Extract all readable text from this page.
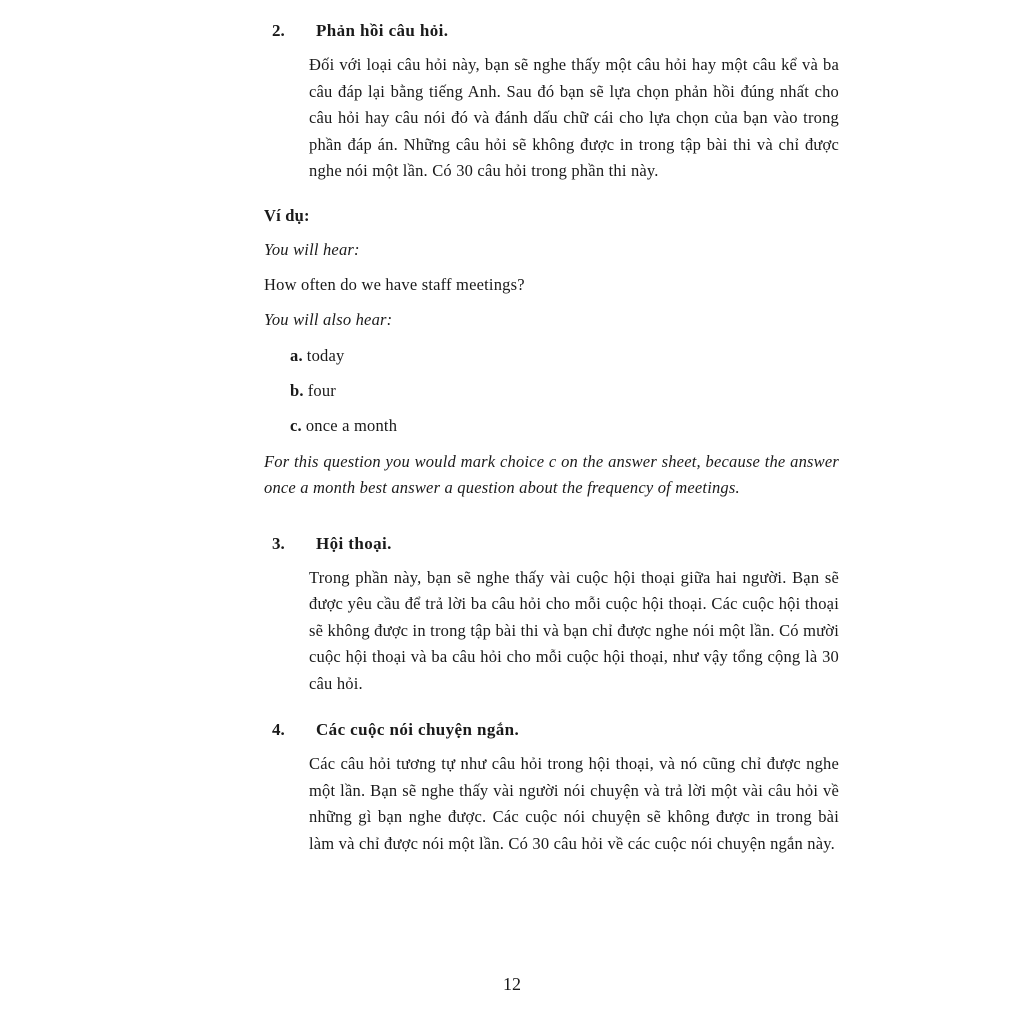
2.	Phản hồi câu hỏi.
Đối với loại câu hỏi này, bạn sẽ nghe thấy một câu hỏi hay một câu kể và ba câu đáp lại bằng tiếng Anh. Sau đó bạn sẽ lựa chọn phản hồi đúng nhất cho câu hỏi hay câu nói đó và đánh dấu chữ cái cho lựa chọn của bạn vào trong phần đáp án. Những câu hỏi sẽ không được in trong tập bài thi và chỉ được nghe nói một lần. Có 30 câu hỏi trong phần thi này.
Ví dụ:
You will hear:
How often do we have staff meetings?
You will also hear:
a. today
b. four
c. once a month
For this question you would mark choice c on the answer sheet, because the answer once a month best answer a question about the frequency of meetings.
3.	Hội thoại.
Trong phần này, bạn sẽ nghe thấy vài cuộc hội thoại giữa hai người. Bạn sẽ được yêu cầu để trả lời ba câu hỏi cho mỗi cuộc hội thoại. Các cuộc hội thoại sẽ không được in trong tập bài thi và bạn chỉ được nghe nói một lần. Có mười cuộc hội thoại và ba câu hỏi cho mỗi cuộc hội thoại, như vậy tổng cộng là 30 câu hỏi.
4.	Các cuộc nói chuyện ngắn.
Các câu hỏi tương tự như câu hỏi trong hội thoại, và nó cũng chỉ được nghe một lần. Bạn sẽ nghe thấy vài người nói chuyện và trả lời một vài câu hỏi về những gì bạn nghe được. Các cuộc nói chuyện sẽ không được in trong bài làm và chỉ được nói một lần. Có 30 câu hỏi về các cuộc nói chuyện ngắn này.
12
